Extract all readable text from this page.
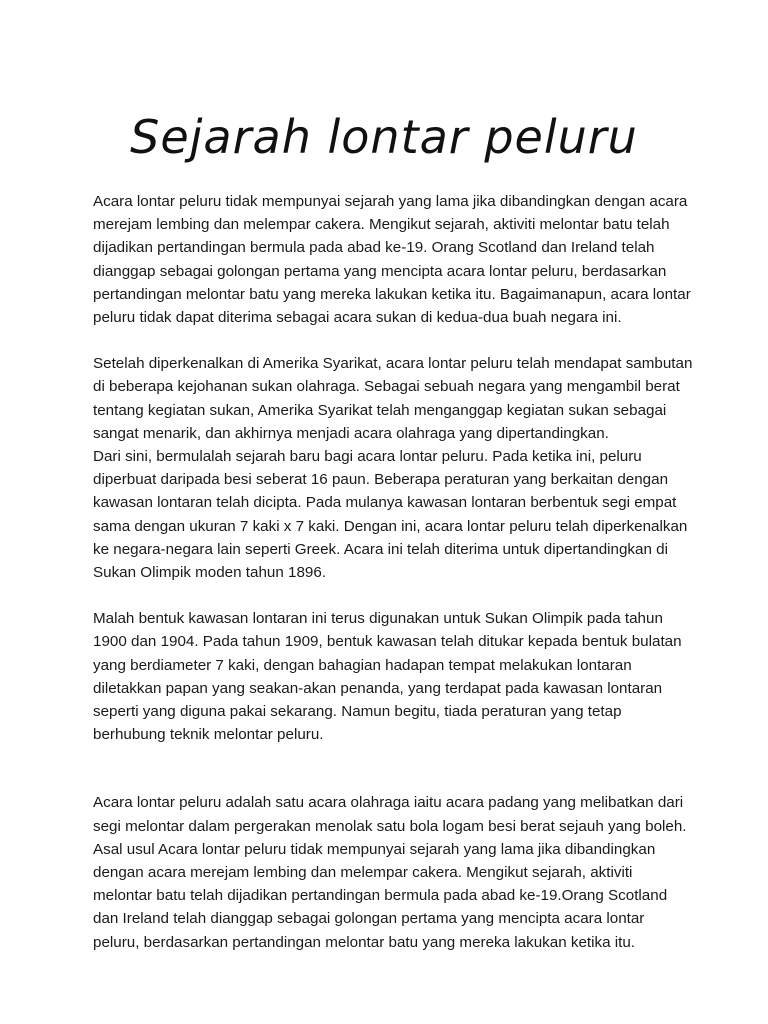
Sejarah lontar peluru

Acara lontar peluru tidak mempunyai sejarah yang lama jika dibandingkan dengan acara merejam lembing dan melempar cakera. Mengikut sejarah, aktiviti melontar batu telah dijadikan pertandingan bermula pada abad ke-19. Orang Scotland dan Ireland telah dianggap sebagai golongan pertama yang mencipta acara lontar peluru, berdasarkan pertandingan melontar batu yang mereka lakukan ketika itu. Bagaimanapun, acara lontar peluru tidak dapat diterima sebagai acara sukan di kedua-dua buah negara ini.

Setelah diperkenalkan di Amerika Syarikat, acara lontar peluru telah mendapat sambutan di beberapa kejohanan sukan olahraga. Sebagai sebuah negara yang mengambil berat tentang kegiatan sukan, Amerika Syarikat telah menganggap kegiatan sukan sebagai sangat menarik, dan akhirnya menjadi acara olahraga yang dipertandingkan.

Dari sini, bermulalah sejarah baru bagi acara lontar peluru. Pada ketika ini, peluru diperbuat daripada besi seberat 16 paun. Beberapa peraturan yang berkaitan dengan kawasan lontaran telah dicipta. Pada mulanya kawasan lontaran berbentuk segi empat sama dengan ukuran 7 kaki x 7 kaki. Dengan ini, acara lontar peluru telah diperkenalkan ke negara-negara lain seperti Greek. Acara ini telah diterima untuk dipertandingkan di Sukan Olimpik moden tahun 1896.

Malah bentuk kawasan lontaran ini terus digunakan untuk Sukan Olimpik pada tahun 1900 dan 1904. Pada tahun 1909, bentuk kawasan telah ditukar kepada bentuk bulatan yang berdiameter 7 kaki, dengan bahagian hadapan tempat melakukan lontaran diletakkan papan yang seakan-akan penanda, yang terdapat pada kawasan lontaran seperti yang diguna pakai sekarang. Namun begitu, tiada peraturan yang tetap berhubung teknik melontar peluru.

Acara lontar peluru adalah satu acara olahraga iaitu acara padang yang melibatkan dari segi melontar dalam pergerakan menolak satu bola logam besi berat sejauh yang boleh. Asal usul Acara lontar peluru tidak mempunyai sejarah yang lama jika dibandingkan dengan acara merejam lembing dan melempar cakera. Mengikut sejarah, aktiviti melontar batu telah dijadikan pertandingan bermula pada abad ke-19.Orang Scotland dan Ireland telah dianggap sebagai golongan pertama yang mencipta acara lontar peluru, berdasarkan pertandingan melontar batu yang mereka lakukan ketika itu.
